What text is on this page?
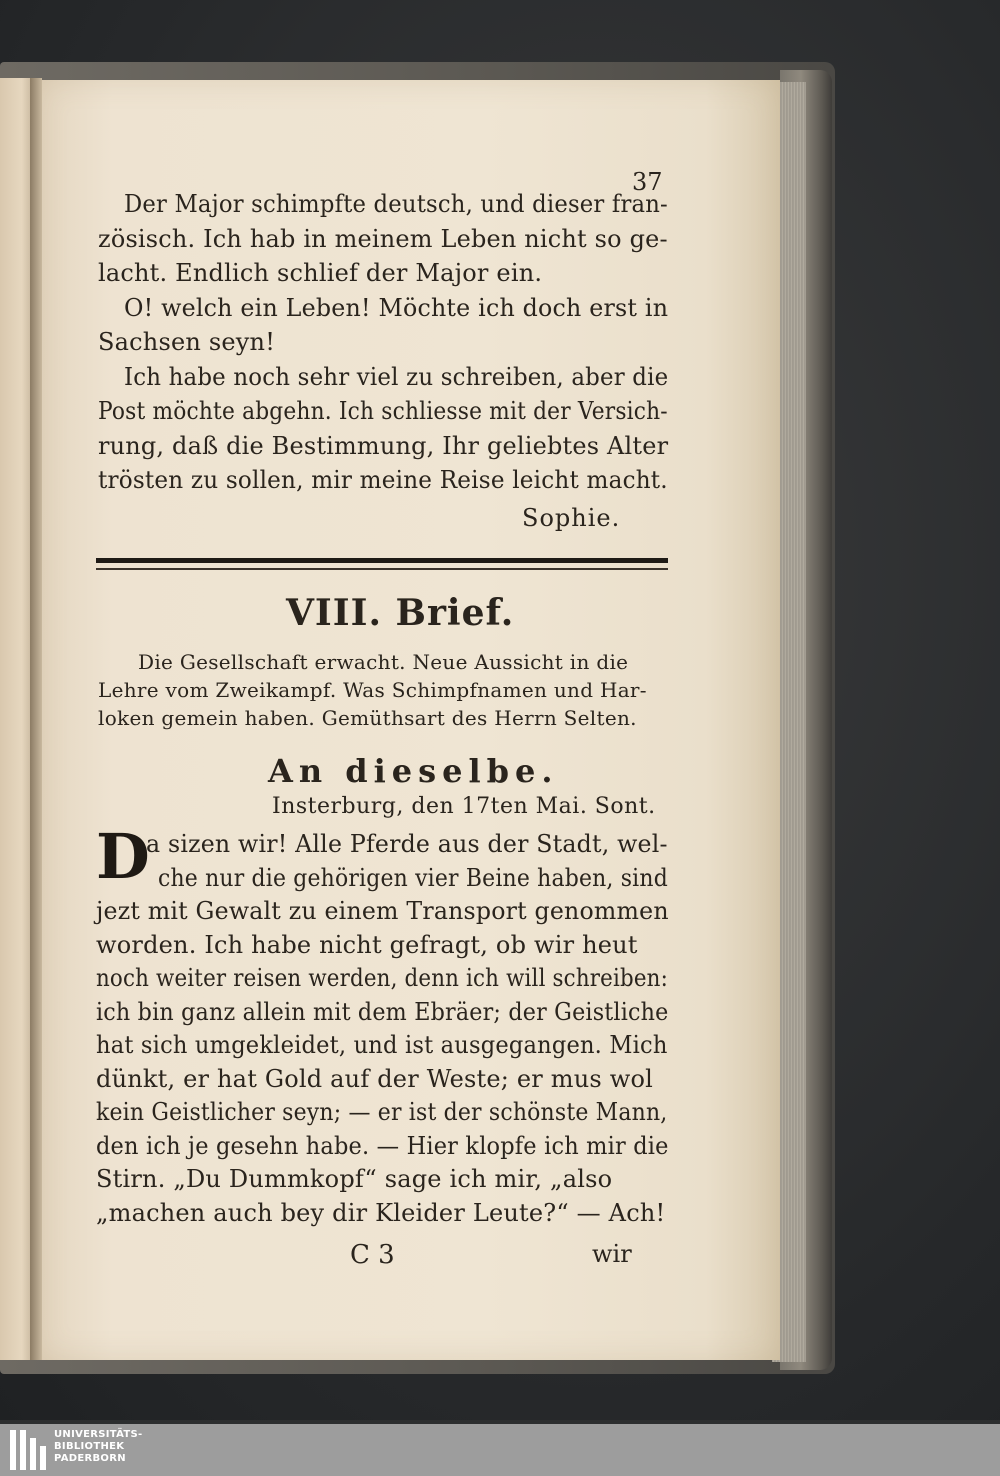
37
Der Major schimpfte deutsch, und dieser fran-
zösisch. Ich hab in meinem Leben nicht so ge-
lacht. Endlich schlief der Major ein.
O! welch ein Leben! Möchte ich doch erst in
Sachsen seyn!
Ich habe noch sehr viel zu schreiben, aber die
Post möchte abgehn. Ich schliesse mit der Versich-
rung, daß die Bestimmung, Ihr geliebtes Alter
trösten zu sollen, mir meine Reise leicht macht.
Sophie.
VIII. Brief.
Die Gesellschaft erwacht. Neue Aussicht in die
Lehre vom Zweikampf. Was Schimpfnamen und Har-
loken gemein haben. Gemüthsart des Herrn Selten.
An dieselbe.
Insterburg, den 17ten Mai. Sont.
D
a sizen wir! Alle Pferde aus der Stadt, wel-
che nur die gehörigen vier Beine haben, sind
jezt mit Gewalt zu einem Transport genommen
worden. Ich habe nicht gefragt, ob wir heut
noch weiter reisen werden, denn ich will schreiben:
ich bin ganz allein mit dem Ebräer; der Geistliche
hat sich umgekleidet, und ist ausgegangen. Mich
dünkt, er hat Gold auf der Weste; er mus wol
kein Geistlicher seyn; — er ist der schönste Mann,
den ich je gesehn habe. — Hier klopfe ich mir die
Stirn. „Du Dummkopf“ sage ich mir, „also
„machen auch bey dir Kleider Leute?“ — Ach!
C 3	wir
UNIVERSITÄTS-
BIBLIOTHEK
PADERBORN
